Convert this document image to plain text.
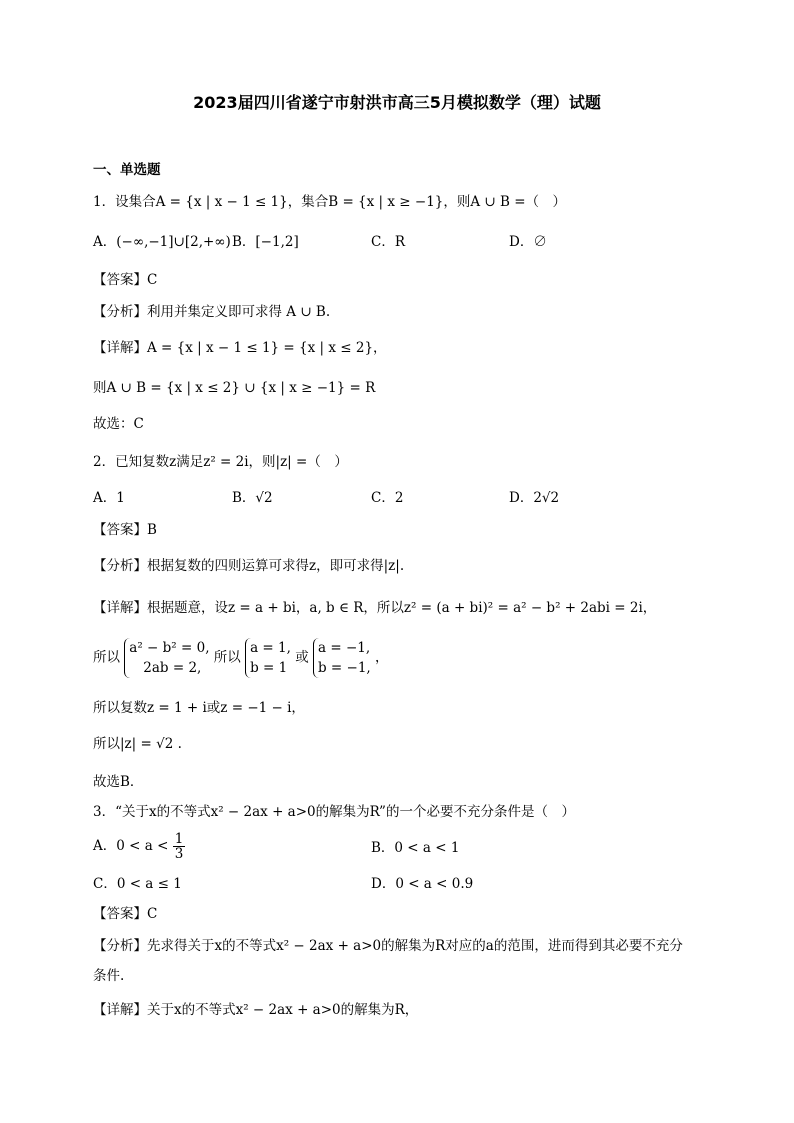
2023届四川省遂宁市射洪市高三5月模拟数学（理）试题
一、单选题
1．设集合A = {x | x − 1 ≤ 1}，集合B = {x | x ≥ −1}，则A ∪ B =（　）
A．(−∞,−1]∪[2,+∞) B．[−1,2]	C．R	D．∅
【答案】C
【分析】利用并集定义即可求得 A ∪ B.
【详解】A = {x | x − 1 ≤ 1} = {x | x ≤ 2}，
则A ∪ B = {x | x ≤ 2} ∪ {x | x ≥ −1} = R
故选：C
2．已知复数z满足z² = 2i，则|z| =（　）
A．1	B．√2	C．2	D．2√2
【答案】B
【分析】根据复数的四则运算可求得z，即可求得|z|.
【详解】根据题意，设z = a + bi，a, b ∈ R，所以z² = (a + bi)² = a² − b² + 2abi = 2i，
所以
a² − b² = 0,
2ab = 2,
所以
a = 1,
b = 1
或
a = −1,
b = −1,
，
所以复数z = 1 + i或z = −1 − i，
所以|z| = √2 .
故选B．
3．“关于x的不等式x² − 2ax + a>0的解集为R”的一个必要不充分条件是（　）
A．$0 < a < \frac{1}{3}$	B．0 < a < 1
C．0 < a ≤ 1	D．0 < a < 0.9
【答案】C
【分析】先求得关于x的不等式x² − 2ax + a>0的解集为R对应的a的范围，进而得到其必要不充分
条件.
【详解】关于x的不等式x² − 2ax + a>0的解集为R，
